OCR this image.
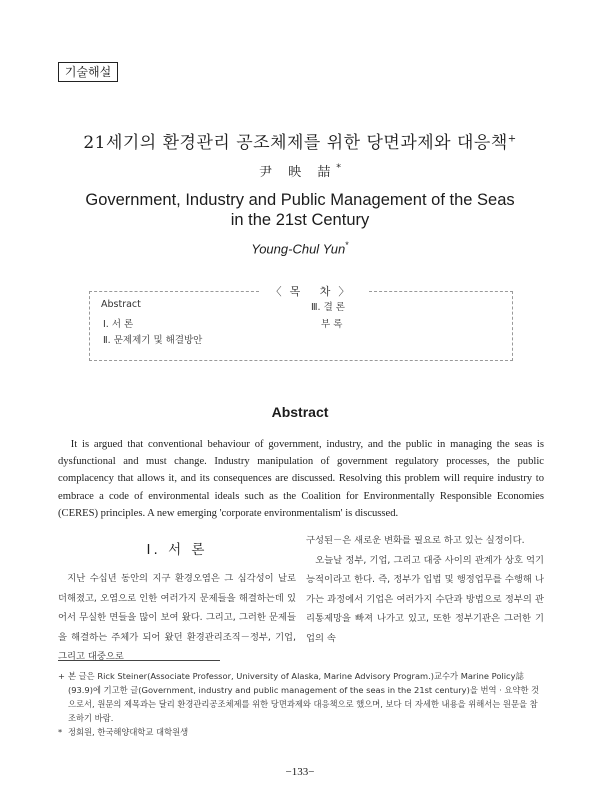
기술해설
21세기의 환경관리 공조체제를 위한 당면과제와 대응책+
尹 映 喆*
Government, Industry and Public Management of the Seas
in the 21st Century
Young-Chul Yun*
〈목 차〉
Abstract
Ⅰ. 서 론
Ⅱ. 문제제기 및 해결방안
Ⅲ. 결 론
부 록
Abstract
It is argued that conventional behaviour of government, industry, and the public in managing the seas is dysfunctional and must change. Industry manipulation of government regulatory processes, the public complacency that allows it, and its consequences are discussed. Resolving this problem will require industry to embrace a code of environmental ideals such as the Coalition for Environmentally Responsible Economies (CERES) principles. A new emerging 'corporate environmentalism' is discussed.
Ⅰ. 서 론
지난 수십년 동안의 지구 환경오염은 그 심각성이 날로 더해졌고, 오염으로 인한 여러가지 문제들을 해결하는데 있어서 무실한 면들을 많이 보여 왔다. 그리고, 그러한 문제들을 해결하는 주체가 되어 왔던 환경관리조직－정부, 기업, 그리고 대중으로

구성된－은 새로운 변화를 필요로 하고 있는 실정이다.

오늘날 정부, 기업, 그리고 대중 사이의 관계가 상호 억기능적이라고 한다. 즉, 정부가 입법 및 행정업무를 수행해 나가는 과정에서 기업은 여러가지 수단과 방법으로 정부의 관리통제망을 빠져 나가고 있고, 또한 정부기관은 그러한 기업의 속

+ 본 글은 Rick Steiner(Associate Professor, University of Alaska, Marine Advisory Program.)교수가 Marine Policy誌(93.9)에 기고한 글(Government, industry and public management of the seas in the 21st century)을 번역 · 요약한 것으로서, 원문의 제목과는 달리 환경관리공조체제를 위한 당면과제와 대응책으로 했으며, 보다 더 자세한 내용을 위해서는 원문을 참조하기 바람.

* 정회원, 한국해양대학교 대학원생

−133−
